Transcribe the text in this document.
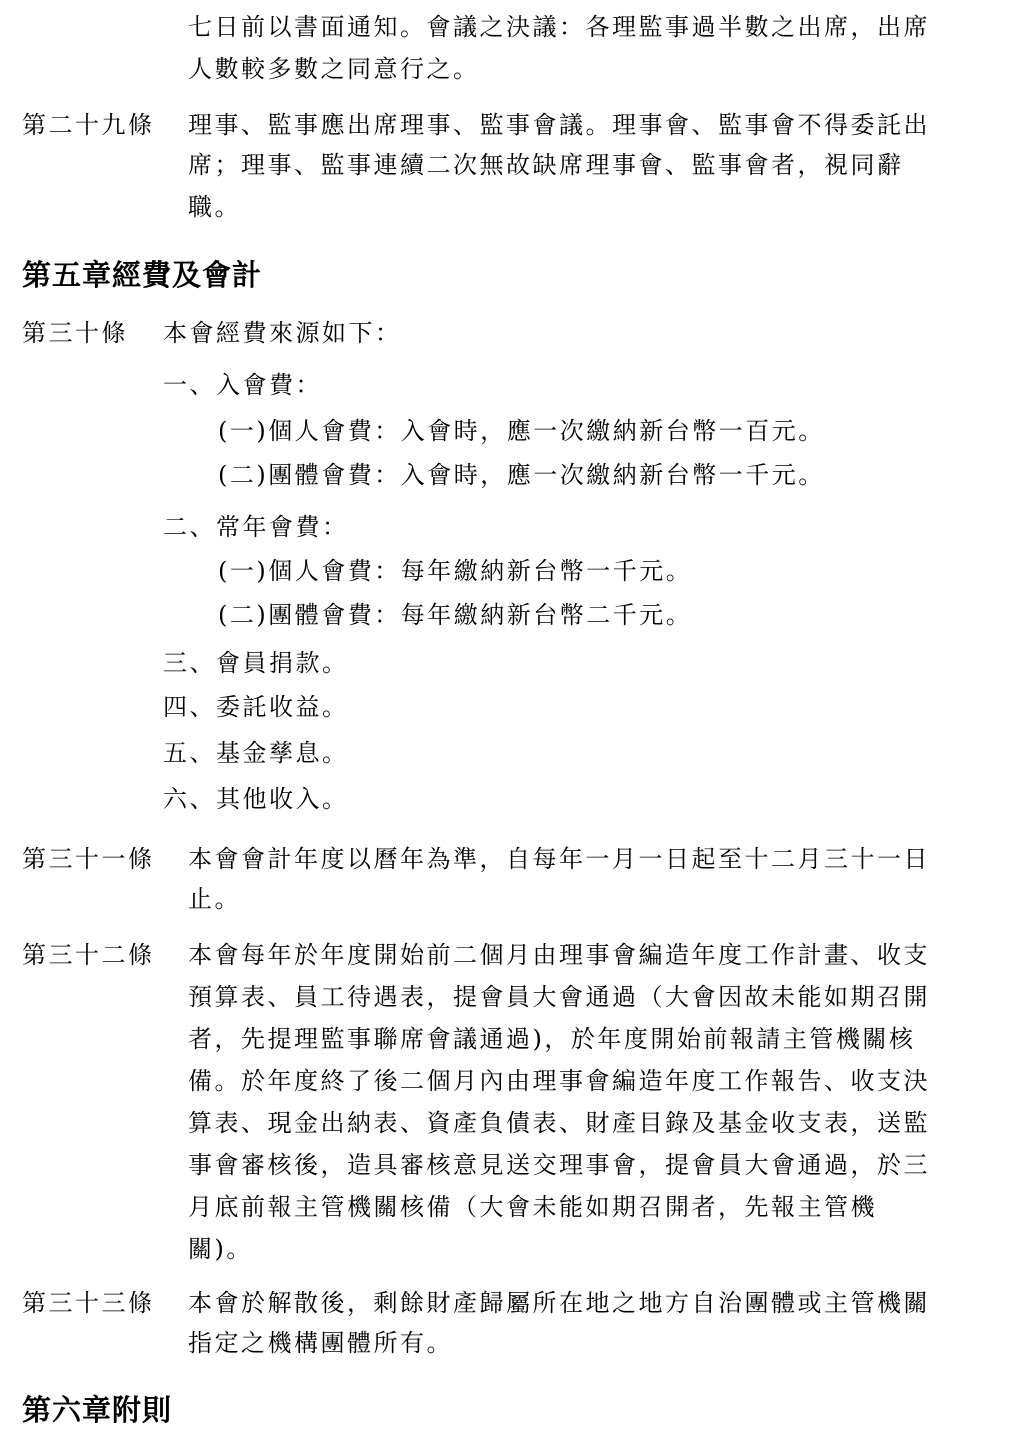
七日前以書面通知。會議之決議：各理監事過半數之出席，出席
人數較多數之同意行之。
第二十九條 理事、監事應出席理事、監事會議。理事會、監事會不得委託出
席；理事、監事連續二次無故缺席理事會、監事會者，視同辭
職。
第五章經費及會計
第三十條 本會經費來源如下：
一、入會費：
(一)個人會費：入會時，應一次繳納新台幣一百元。
(二)團體會費：入會時，應一次繳納新台幣一千元。
二、常年會費：
(一)個人會費：每年繳納新台幣一千元。
(二)團體會費：每年繳納新台幣二千元。
三、會員捐款。
四、委託收益。
五、基金孳息。
六、其他收入。
第三十一條 本會會計年度以曆年為準，自每年一月一日起至十二月三十一日
止。
第三十二條 本會每年於年度開始前二個月由理事會編造年度工作計畫、收支
預算表、員工待遇表，提會員大會通過（大會因故未能如期召開
者，先提理監事聯席會議通過)，於年度開始前報請主管機關核
備。於年度終了後二個月內由理事會編造年度工作報告、收支決
算表、現金出納表、資產負債表、財產目錄及基金收支表，送監
事會審核後，造具審核意見送交理事會，提會員大會通過，於三
月底前報主管機關核備（大會未能如期召開者，先報主管機
關)。
第三十三條 本會於解散後，剩餘財產歸屬所在地之地方自治團體或主管機關
指定之機構團體所有。
第六章附則
